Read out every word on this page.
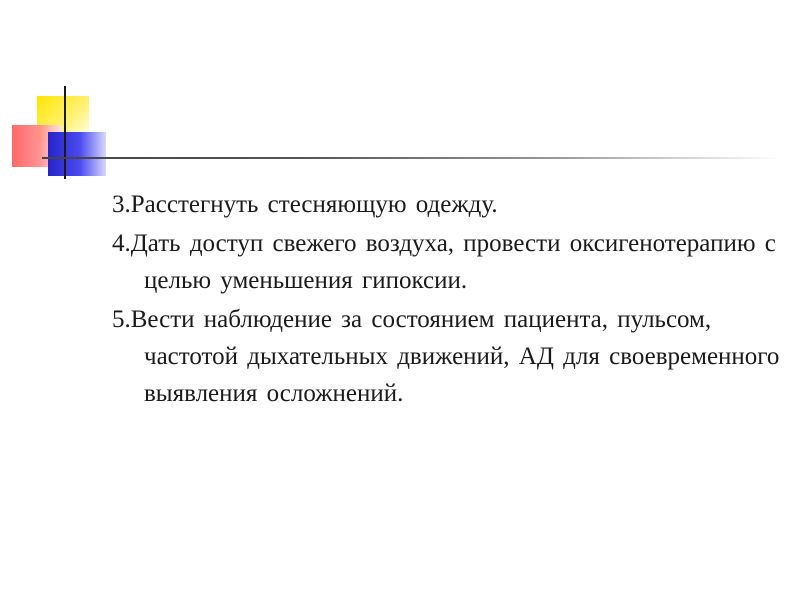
3.Расстегнуть стесняющую одежду.
4.Дать доступ свежего воздуха, провести оксигенотерапию с целью уменьшения гипоксии.
5.Вести наблюдение за состоянием пациента, пульсом, частотой дыхательных движений, АД для своевременного выявления осложнений.
